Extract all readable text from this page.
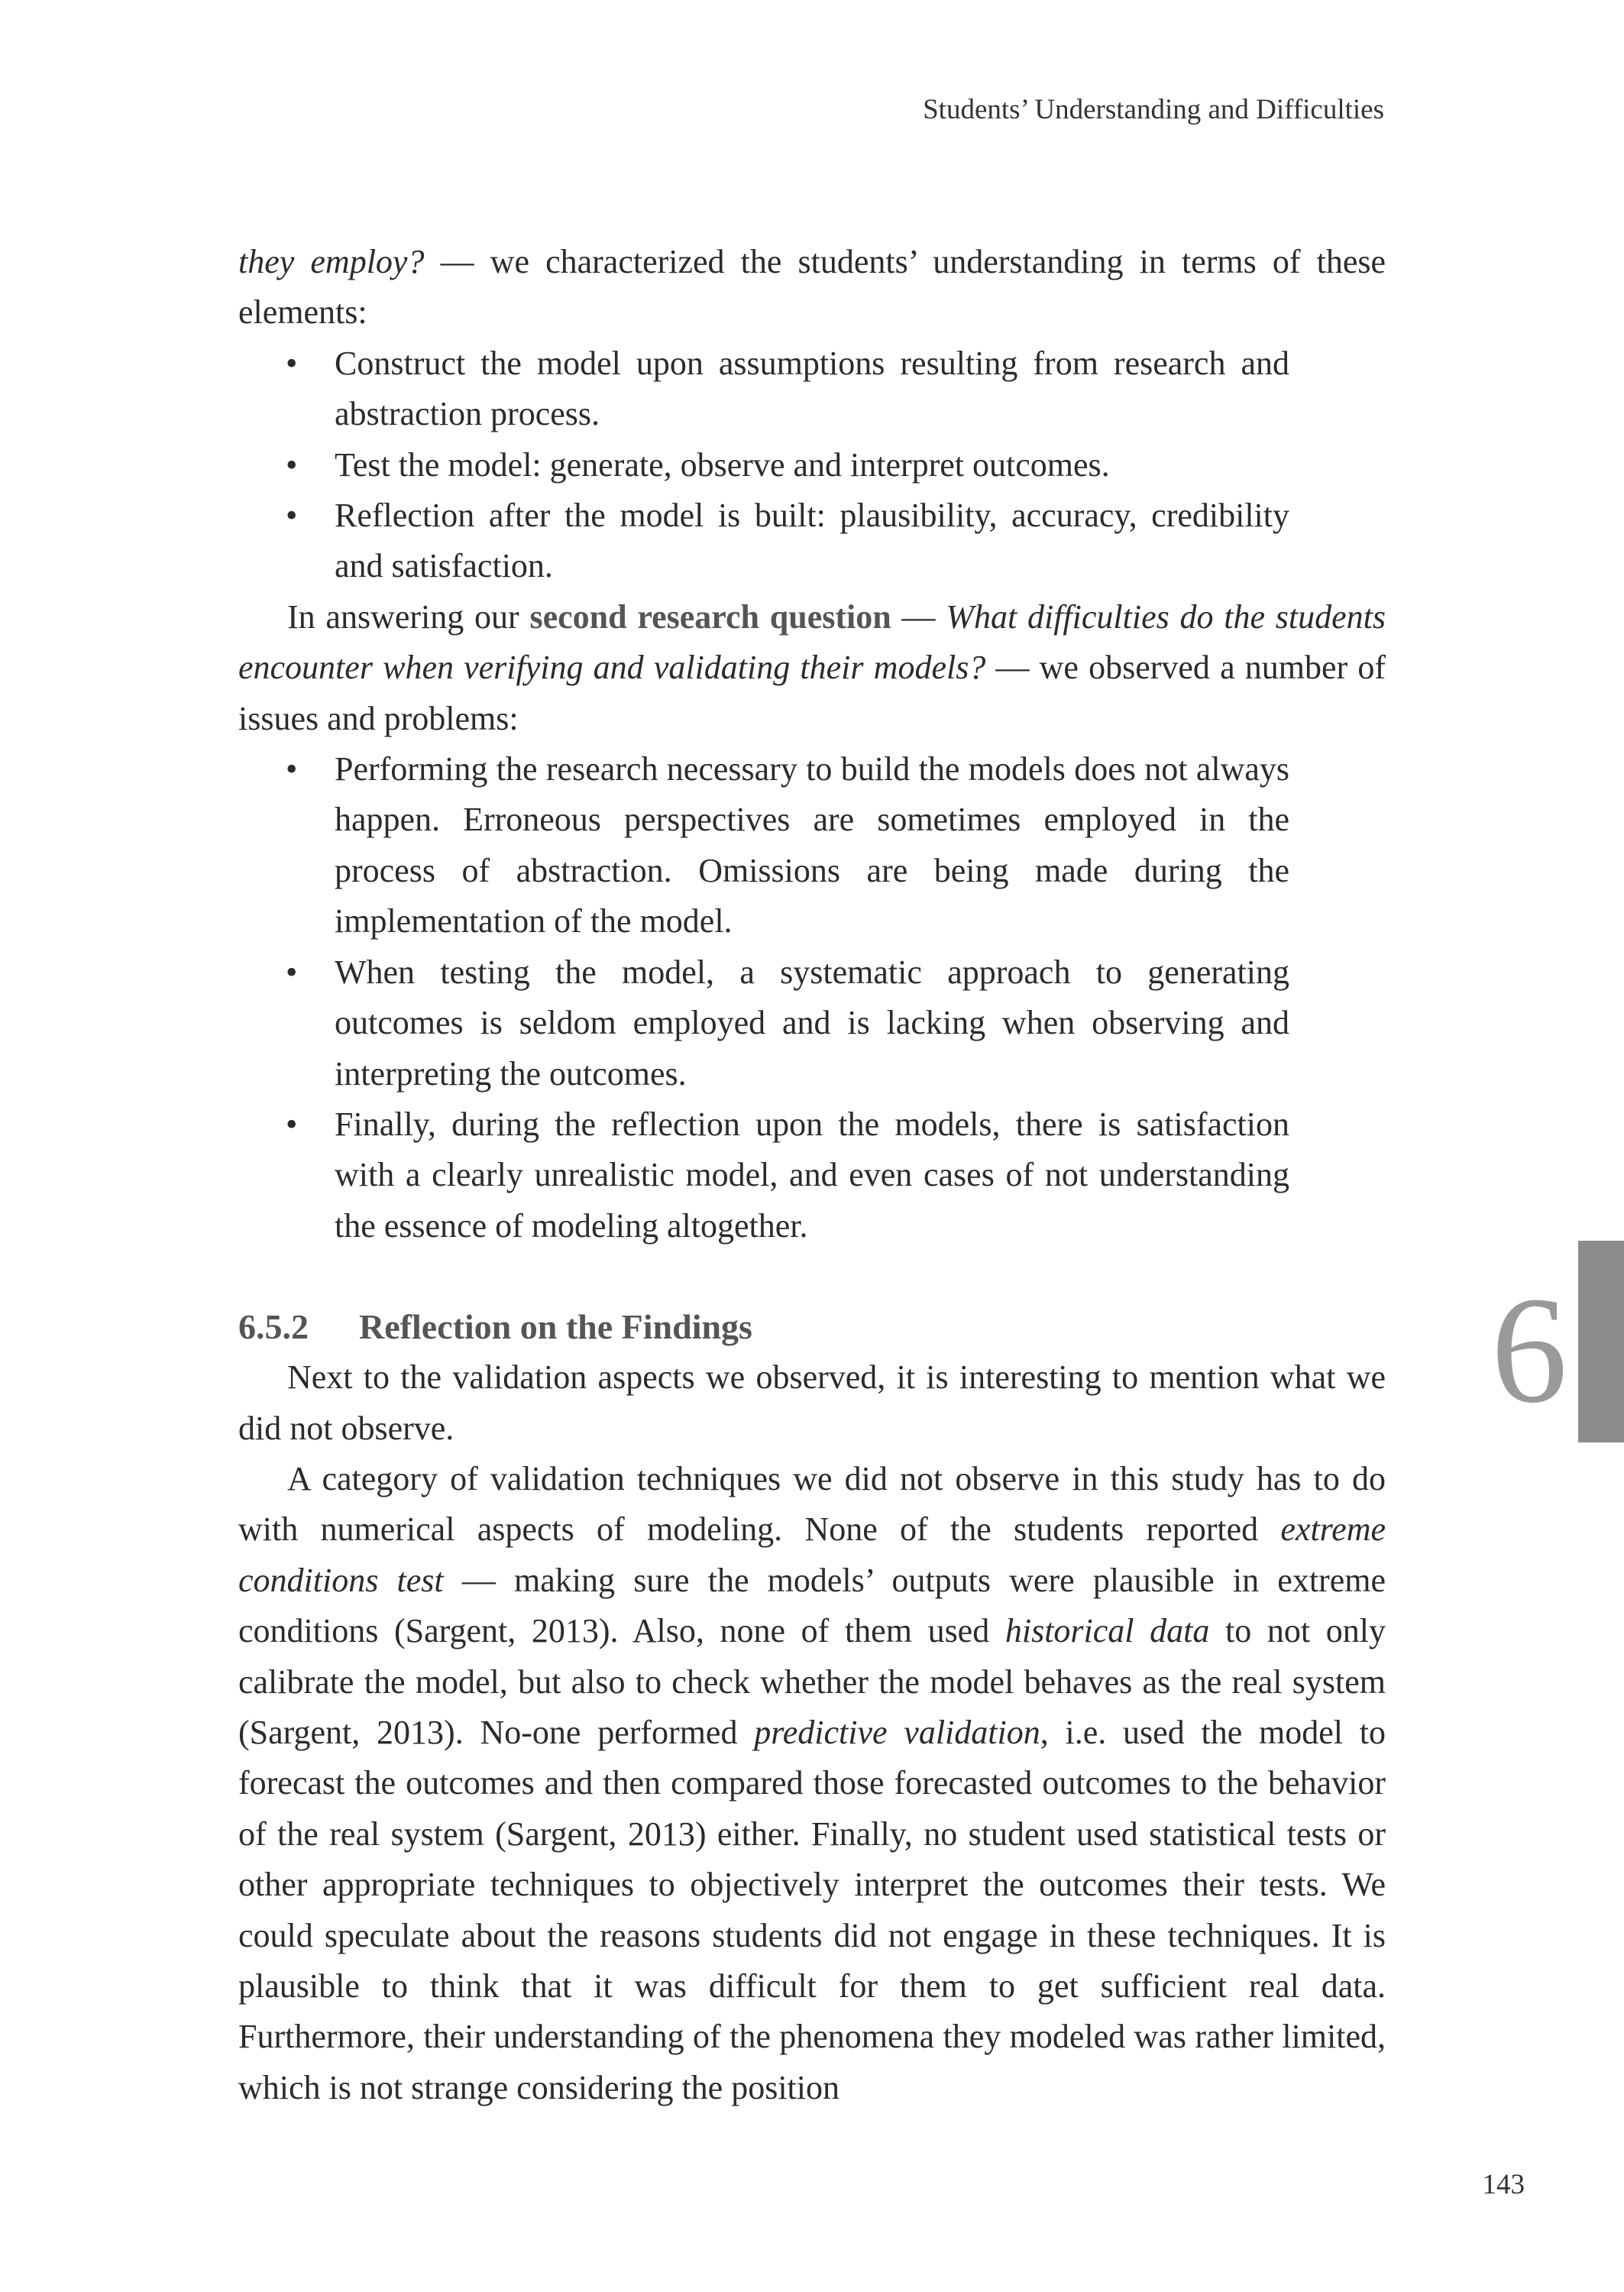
Students’ Understanding and Difficulties

they employ? — we characterized the students’ understanding in terms of these elements:

• Construct the model upon assumptions resulting from research and abstraction process.
• Test the model: generate, observe and interpret outcomes.
• Reflection after the model is built: plausibility, accuracy, credibility and satisfaction.

In answering our second research question — What difficulties do the students encounter when verifying and validating their models? — we observed a number of issues and problems:

• Performing the research necessary to build the models does not always happen. Erroneous perspectives are sometimes employed in the process of abstraction. Omissions are being made during the implementation of the model.
• When testing the model, a systematic approach to generating outcomes is seldom employed and is lacking when observing and interpreting the outcomes.
• Finally, during the reflection upon the models, there is satisfaction with a clearly unrealistic model, and even cases of not understanding the essence of modeling altogether.
6.5.2 Reflection on the Findings

Next to the validation aspects we observed, it is interesting to mention what we did not observe.

A category of validation techniques we did not observe in this study has to do with numerical aspects of modeling. None of the students reported extreme conditions test — making sure the models’ outputs were plausible in extreme conditions (Sargent, 2013). Also, none of them used historical data to not only calibrate the model, but also to check whether the model behaves as the real system (Sargent, 2013). No-one performed predictive validation, i.e. used the model to forecast the outcomes and then compared those forecasted outcomes to the behavior of the real system (Sargent, 2013) either. Finally, no student used statistical tests or other appropriate techniques to objectively interpret the outcomes their tests. We could speculate about the reasons students did not engage in these techniques. It is plausible to think that it was difficult for them to get sufficient real data. Furthermore, their understanding of the phenomena they modeled was rather limited, which is not strange considering the position

6
143
